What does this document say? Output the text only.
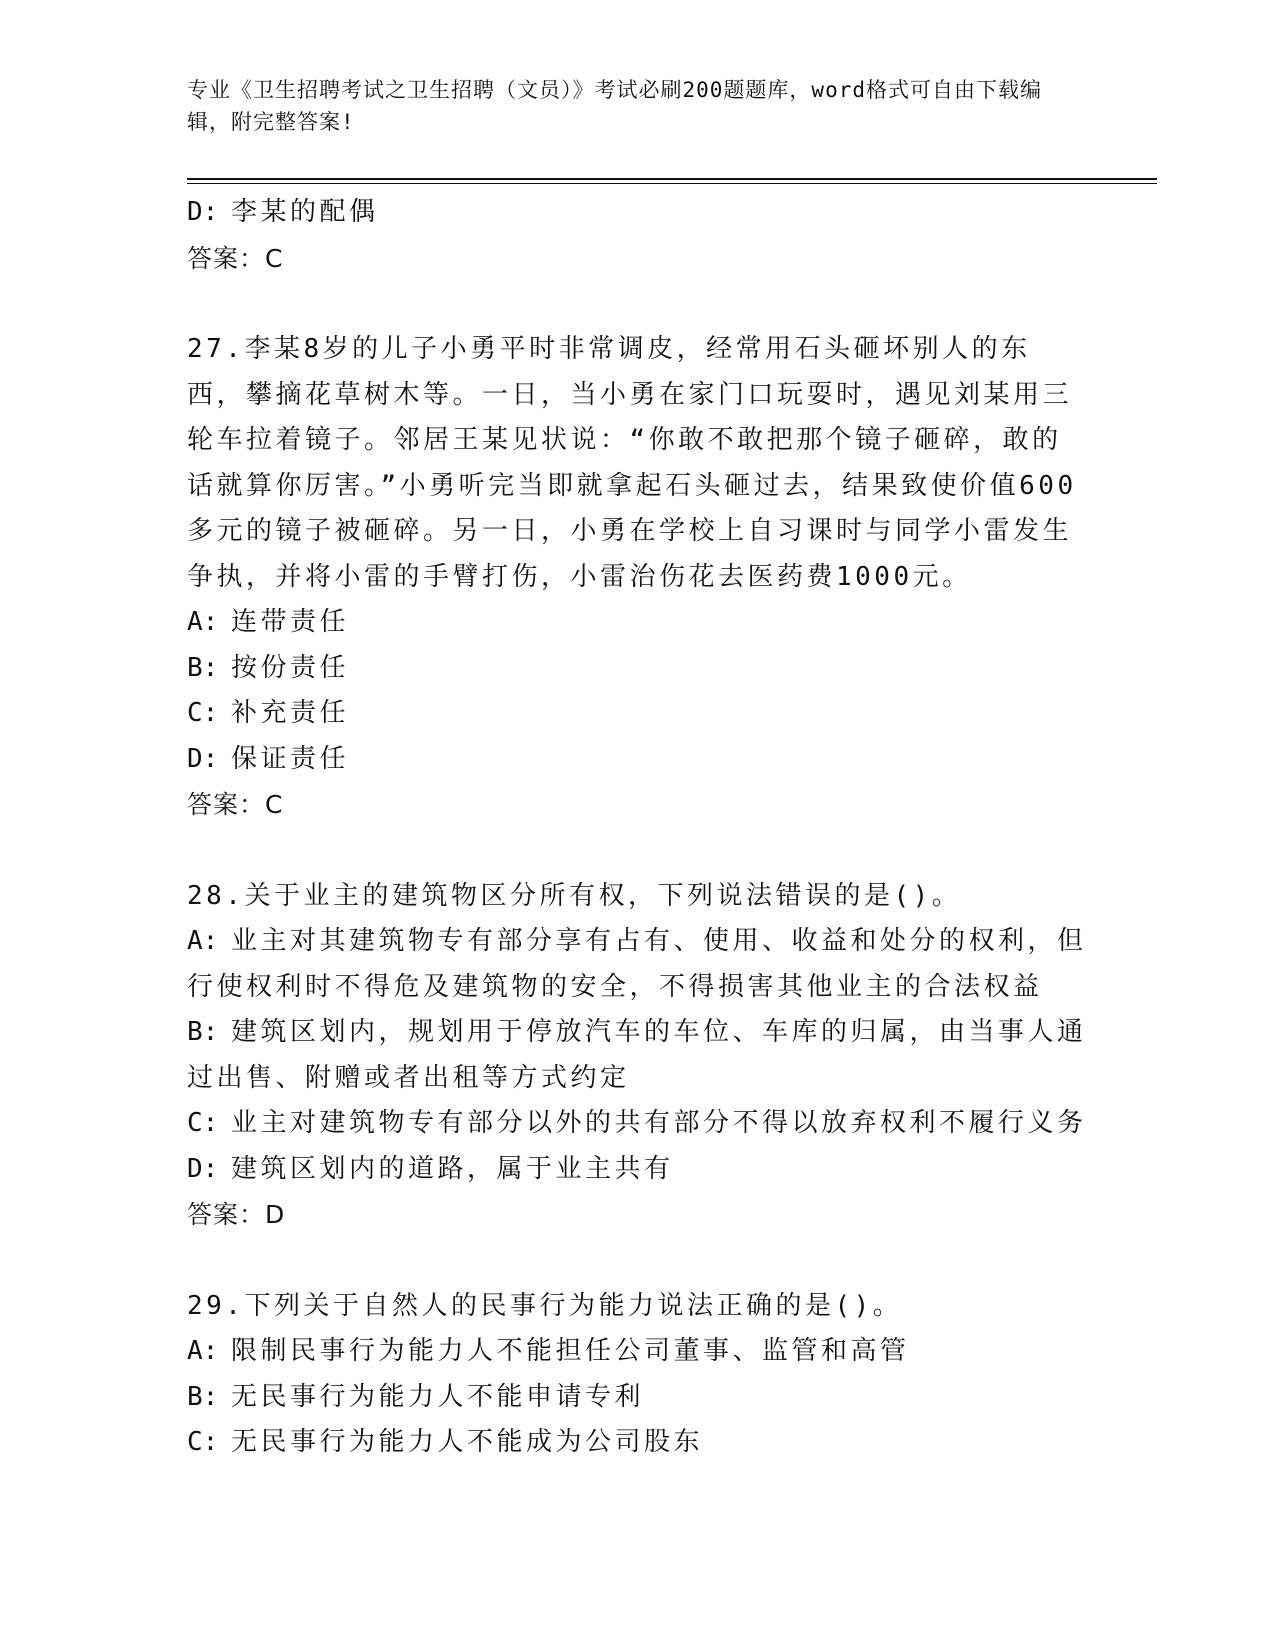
专业《卫生招聘考试之卫生招聘（文员）》考试必刷200题题库，word格式可自由下载编辑，附完整答案!
D: 李某的配偶
答案：C
27.李某8岁的儿子小勇平时非常调皮，经常用石头砸坏别人的东西，攀摘花草树木等。一日，当小勇在家门口玩耍时，遇见刘某用三轮车拉着镜子。邻居王某见状说：“你敢不敢把那个镜子砸碎，敢的话就算你厉害。”小勇听完当即就拿起石头砸过去，结果致使价值600多元的镜子被砸碎。另一日，小勇在学校上自习课时与同学小雷发生争执，并将小雷的手臂打伤，小雷治伤花去医药费1000元。
A: 连带责任
B: 按份责任
C: 补充责任
D: 保证责任
答案：C
28.关于业主的建筑物区分所有权，下列说法错误的是()。
A: 业主对其建筑物专有部分享有占有、使用、收益和处分的权利，但行使权利时不得危及建筑物的安全，不得损害其他业主的合法权益
B: 建筑区划内，规划用于停放汽车的车位、车库的归属，由当事人通过出售、附赠或者出租等方式约定
C: 业主对建筑物专有部分以外的共有部分不得以放弃权利不履行义务
D: 建筑区划内的道路，属于业主共有
答案：D
29.下列关于自然人的民事行为能力说法正确的是()。
A: 限制民事行为能力人不能担任公司董事、监管和高管
B: 无民事行为能力人不能申请专利
C: 无民事行为能力人不能成为公司股东
